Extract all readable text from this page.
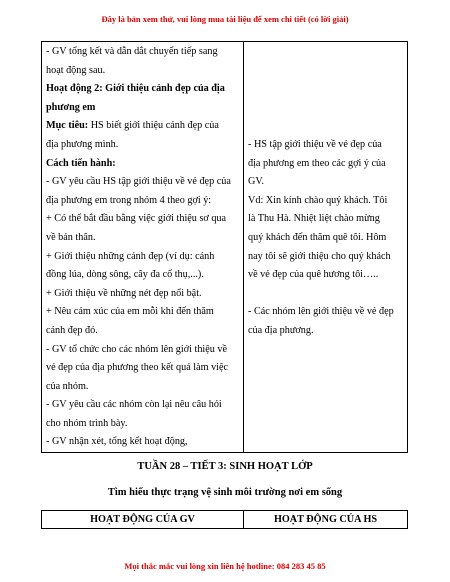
Đây là bản xem thử, vui lòng mua tài liệu để xem chi tiết (có lời giải)
- GV tổng kết và dẫn dắt chuyển tiếp sang
hoạt động sau.
Hoạt động 2: Giới thiệu cảnh đẹp của địa
phương em
Mục tiêu: HS biết giới thiệu cảnh đẹp của
địa phương mình.
Cách tiến hành:
- GV yêu cầu HS tập giới thiệu về vẻ đẹp của
địa phương em trong nhóm 4 theo gợi ý:
+ Có thể bắt đầu bằng việc giới thiệu sơ qua
về bản thân.
+ Giới thiệu những cảnh đẹp (ví dụ: cánh
đồng lúa, dòng sông, cây đa cổ thụ,...).
+ Giới thiệu về những nét đẹp nổi bật.
+ Nêu cảm xúc của em mỗi khi đến thăm
cảnh đẹp đó.
- GV tổ chức cho các nhóm lên giới thiệu về
vẻ đẹp của địa phương theo kết quả làm việc
của nhóm.
- GV yêu cầu các nhóm còn lại nêu câu hỏi
cho nhóm trình bày.
- GV nhận xét, tổng kết hoạt động,

- HS tập giới thiệu về vẻ đẹp của
địa phương em theo các gợi ý của
GV.
Vd: Xin kính chào quý khách. Tôi
là Thu Hà. Nhiệt liệt chào mừng
quý khách đến thăm quê tôi. Hôm
nay tôi sẽ giới thiệu cho quý khách
về vẻ đẹp của quê hương tôi…..
- Các nhóm lên giới thiệu về vẻ đẹp
của địa phương.
TUẦN 28 – TIẾT 3: SINH HOẠT LỚP
Tìm hiểu thực trạng vệ sinh môi trường nơi em sống
HOẠT ĐỘNG CỦA GV	HOẠT ĐỘNG CỦA HS
Mọi thắc mắc vui lòng xin liên hệ hotline: 084 283 45 85
